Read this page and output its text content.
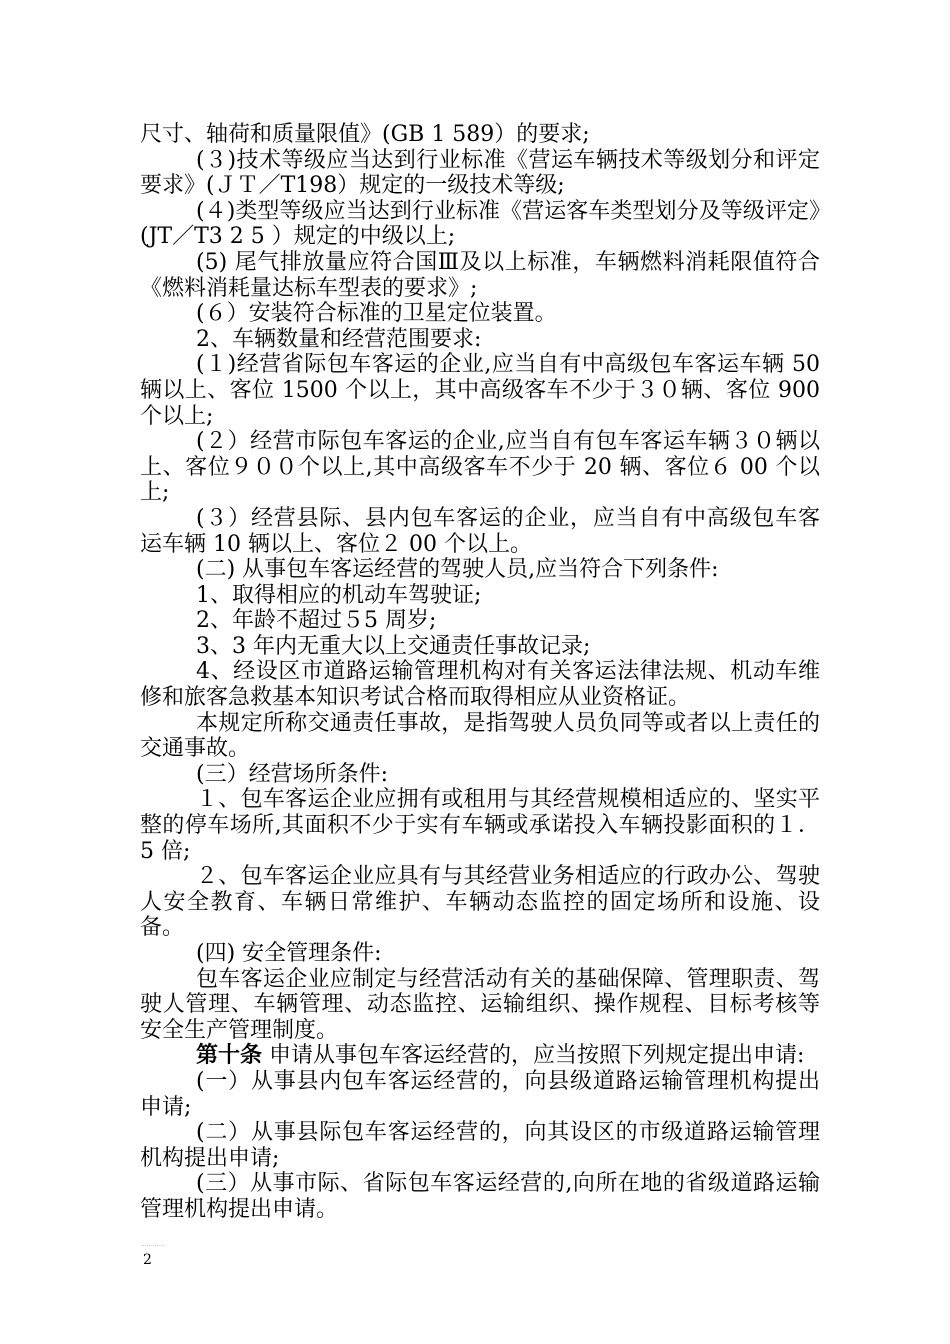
尺寸、轴荷和质量限值》(GB 1 589）的要求;

(３)技术等级应当达到行业标准《营运车辆技术等级划分和评定要求》(ＪＴ／T198）规定的一级技术等级;

(４)类型等级应当达到行业标准《营运客车类型划分及等级评定》(JT／T3 2 5 ）规定的中级以上;

(5) 尾气排放量应符合国Ⅲ及以上标准，车辆燃料消耗限值符合《燃料消耗量达标车型表的要求》;

(６）安装符合标准的卫星定位装置。

2、车辆数量和经营范围要求:

(１)经营省际包车客运的企业,应当自有中高级包车客运车辆 50 辆以上、客位 1500 个以上，其中高级客车不少于３０辆、客位 900 个以上;

(２）经营市际包车客运的企业,应当自有包车客运车辆３０辆以上、客位９００个以上,其中高级客车不少于 20 辆、客位６ 00 个以上;

(３）经营县际、县内包车客运的企业，应当自有中高级包车客运车辆 10 辆以上、客位２ 00 个以上。

(二) 从事包车客运经营的驾驶人员,应当符合下列条件:

1、取得相应的机动车驾驶证;

2、年龄不超过５5 周岁;

3、3 年内无重大以上交通责任事故记录;

4、经设区市道路运输管理机构对有关客运法律法规、机动车维修和旅客急救基本知识考试合格而取得相应从业资格证。

本规定所称交通责任事故，是指驾驶人员负同等或者以上责任的交通事故。

(三）经营场所条件:

１、包车客运企业应拥有或租用与其经营规模相适应的、坚实平整的停车场所,其面积不少于实有车辆或承诺投入车辆投影面积的１．5 倍;

２、包车客运企业应具有与其经营业务相适应的行政办公、驾驶人安全教育、车辆日常维护、车辆动态监控的固定场所和设施、设备。

(四) 安全管理条件:

包车客运企业应制定与经营活动有关的基础保障、管理职责、驾驶人管理、车辆管理、动态监控、运输组织、操作规程、目标考核等安全生产管理制度。

第十条 申请从事包车客运经营的，应当按照下列规定提出申请:

(一）从事县内包车客运经营的，向县级道路运输管理机构提出申请;

(二）从事县际包车客运经营的，向其设区的市级道路运输管理机构提出申请;

(三）从事市际、省际包车客运经营的,向所在地的省级道路运输管理机构提出申请。

2
